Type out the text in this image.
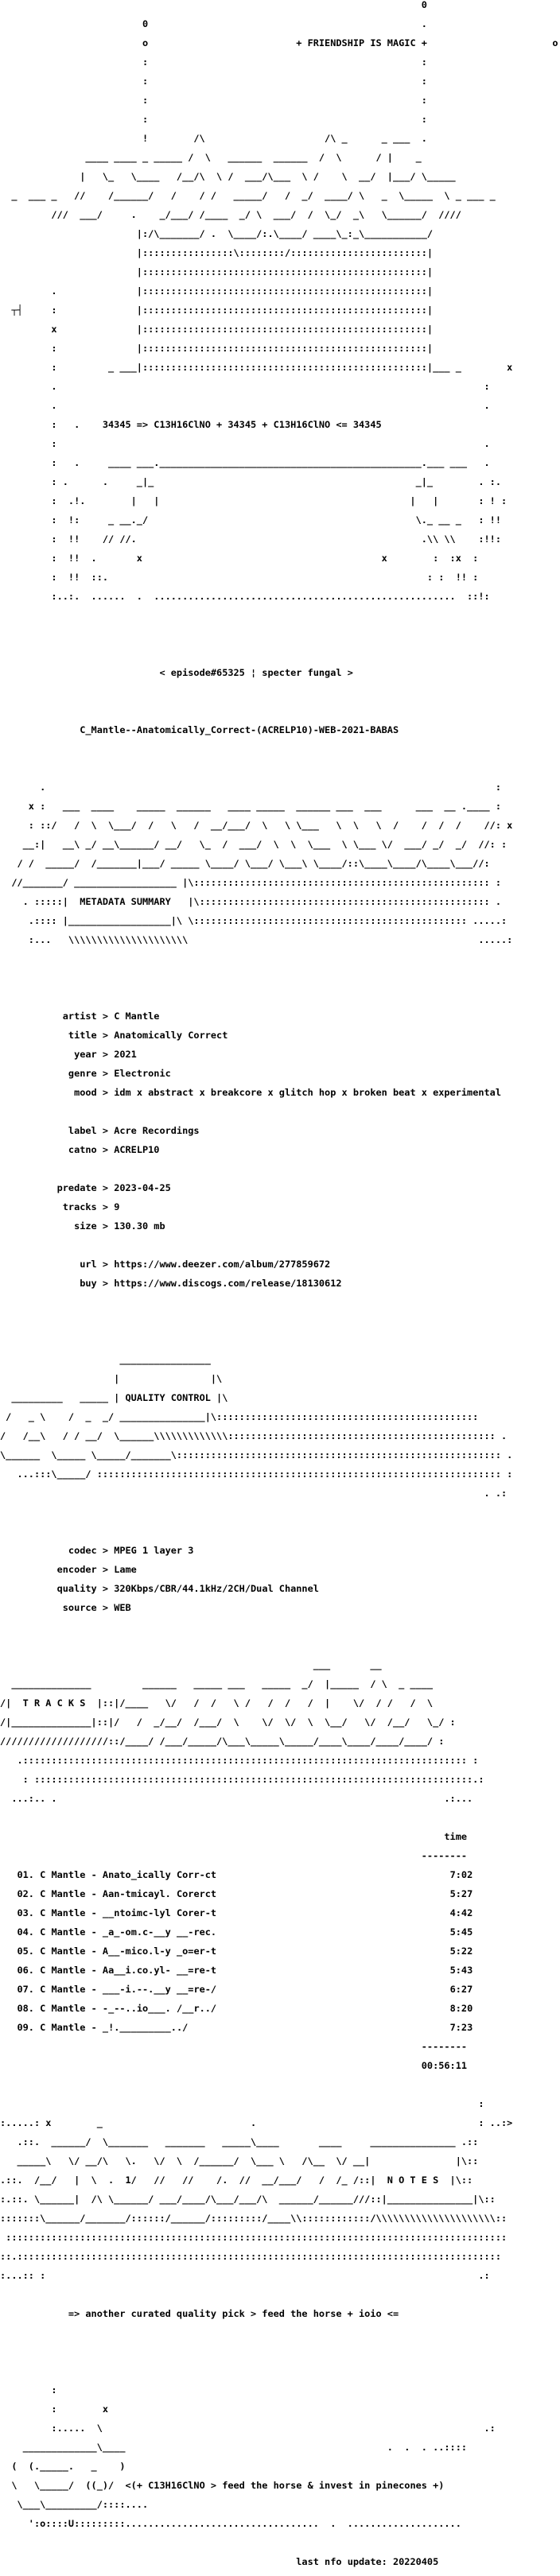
0

0                                                .

o                          + FRIENDSHIP IS MAGIC +                      o

:                                                :

:                                                :

:                                                :

:                                                :

!        /\                     /\ _      _ ___  .

____ ____ _ _____ /  \   ______  ______  /  \      / |    _

|   \_   \____   /__/\  \ /  ___/\___  \ /    \  __/  |___/ \_____

_  ___ _   //    /______/   /    / /   _____/   /  _/  ____/ \   _  \_____  \ _ ___ _

///  ___/     .    _/___/ /____  _/ \  ___/  /  \_/  _\   \______/  ////

|:/\_______/ .  \____/:.\____/ ____\_:_\___________/

|::::::::::::::::\::::::::/::::::::::::::::::::::::|

|::::::::::::::::::::::::::::::::::::::::::::::::::|

.              |::::::::::::::::::::::::::::::::::::::::::::::::::|

┬┤     :              |::::::::::::::::::::::::::::::::::::::::::::::::::|

x              |::::::::::::::::::::::::::::::::::::::::::::::::::|

:              |::::::::::::::::::::::::::::::::::::::::::::::::::|

:         _ ___|::::::::::::::::::::::::::::::::::::::::::::::::::|___ _        x

.                                                                           :

.                                                                           .

:   .    34345 => C13H16ClNO + 34345 + C13H16ClNO <= 34345

:                                                                           .

:   .     ____ ___.______________________________________________.___ ___   .

: .      .     _|_                                              _|_        . :.

:  .!.        |   |                                            |   |       : ! :

:  !:     _ __._/                                               \._ __ _   : !!

:  !!    // //.                                                  .\\ \\    :!!:

:  !!  .       x                                          x        :  :x  :

:  !!  ::.                                                        : :  !! :

:..:.  ......  .  .....................................................  ::!:

< episode#65325 ¦ specter fungal >

C_Mantle--Anatomically_Correct-(ACRELP10)-WEB-2021-BABAS

.                                                                               :

x :   ___  ____    _____  ______   ____ _____  ______ ___  ___      ___  __ .____ :

: ::/   /  \  \___/  /   \   /  __/___/  \   \ \___   \  \   \  /    /  /  /    //: x

__:|   __\ _/ __\______/ __/   \_  /  ___/  \  \  \___  \ \___ \/  ___/ _/  _/  //: :

/ /  _____/  /_______|___/ _____ \____/ \___/ \___\ \____/::\____\____/\____\___//:

//_______/ __________________ |\:::::::::::::::::::::::::::::::::::::::::::::::::::: :

. :::::|  METADATA SUMMARY   |\::::::::::::::::::::::::::::::::::::::::::::::::::: .

.:::: |__________________|\ \:::::::::::::::::::::::::::::::::::::::::::::::: .....:

:...   \\\\\\\\\\\\\\\\\\\\\                                                   .....:

artist > C Mantle

title > Anatomically Correct

year > 2021

genre > Electronic

mood > idm x abstract x breakcore x glitch hop x broken beat x experimental

label > Acre Recordings

catno > ACRELP10

predate > 2023-04-25

tracks > 9

size > 130.30 mb

url > https://www.deezer.com/album/277859672

buy > https://www.discogs.com/release/18130612

________________

|                |\

_________   _____ | QUALITY CONTROL |\

/   _ \    /  _  _/ _______________|\::::::::::::::::::::::::::::::::::::::::::::::

/   /__\   / / __/  \______\\\\\\\\\\\\\::::::::::::::::::::::::::::::::::::::::::::::: .

\______  \_____ \_____/_______\::::::::::::::::::::::::::::::::::::::::::::::::::::::::: .

...:::\_____/ ::::::::::::::::::::::::::::::::::::::::::::::::::::::::::::::::::::::: :

. .:

codec > MPEG 1 layer 3

encoder > Lame

quality > 320Kbps/CBR/44.1kHz/2CH/Dual Channel

source > WEB

___       __

______________         ______   _____ ___   _____  _/  |_____  / \  _ ____

/|  T R A C K S  |::|/____   \/   /  /   \ /   /  /   /  |    \/  / /   /  \

/|______________|::|/   /  _/__/  /___/  \    \/  \/  \  \__/   \/  /__/   \_/ :

///////////////////::/____/ /___/_____/\___\_____\_____/____\____/____/____/ :

.:::::::::::::::::::::::::::::::::::::::::::::::::::::::::::::::::::::::::::::: :

: :::::::::::::::::::::::::::::::::::::::::::::::::::::::::::::::::::::::::::::.:

...:.. .                                                                    .:...

time

--------

01. C Mantle - Anato_ically Corr-ct	7:02

02. C Mantle - Aan-tmicayl. Corerct	5:27

03. C Mantle - __ntoimc-lyl Corer-t	4:42

04. C Mantle - _a_-om.c-__y __-rec.	5:45

05. C Mantle - A__-mico.l-y _o=er-t	5:22

06. C Mantle - Aa__i.co.yl- __=re-t	5:43

07. C Mantle - ___-i.--.__y __=re-/	6:27

08. C Mantle - -_--..io___. /__r../	8:20

09. C Mantle - _!._________../	7:23

--------

00:56:11

:

:.....: x        _                          .                                       : ..:>

.::.  ______/  \_______   _______   _____\____       ____     _______________ .::

_____\   \/ __/\   \.   \/  \  /______/  \___ \   /\__  \/ __|               |\::

.::.  /__/   |  \  .  1/   //   //    /.  //  __/___/   /  /_ /::|  N O T E S  |\::

:.::. \______|  /\ \______/ ___/____/\___/___/\  ______/______///::|_______________|\::

:::::::\______/_______/::::::/______/:::::::::/____\\::::::::::::/\\\\\\\\\\\\\\\\\\\\\::

::::::::::::::::::::::::::::::::::::::::::::::::::::::::::::::::::::::::::::::::::::::::

::.:::::::::::::::::::::::::::::::::::::::::::::::::::::::::::::::::::::::::::::::::::::

:...:: :                                                                            .:

=> another curated quality pick > feed the horse + ioio <=

:

:        x

:.....  \                                                                   .:

_____________\____                                              .  .  . ..::::

(  (._____.   _    )

\   \_____/  ((_)/  <(+ C13H16ClNO > feed the horse & invest in pinecones +)

\___\_________/::::....

':o::::U:::::::::..................................  .  ....................

last nfo update: 20220405
